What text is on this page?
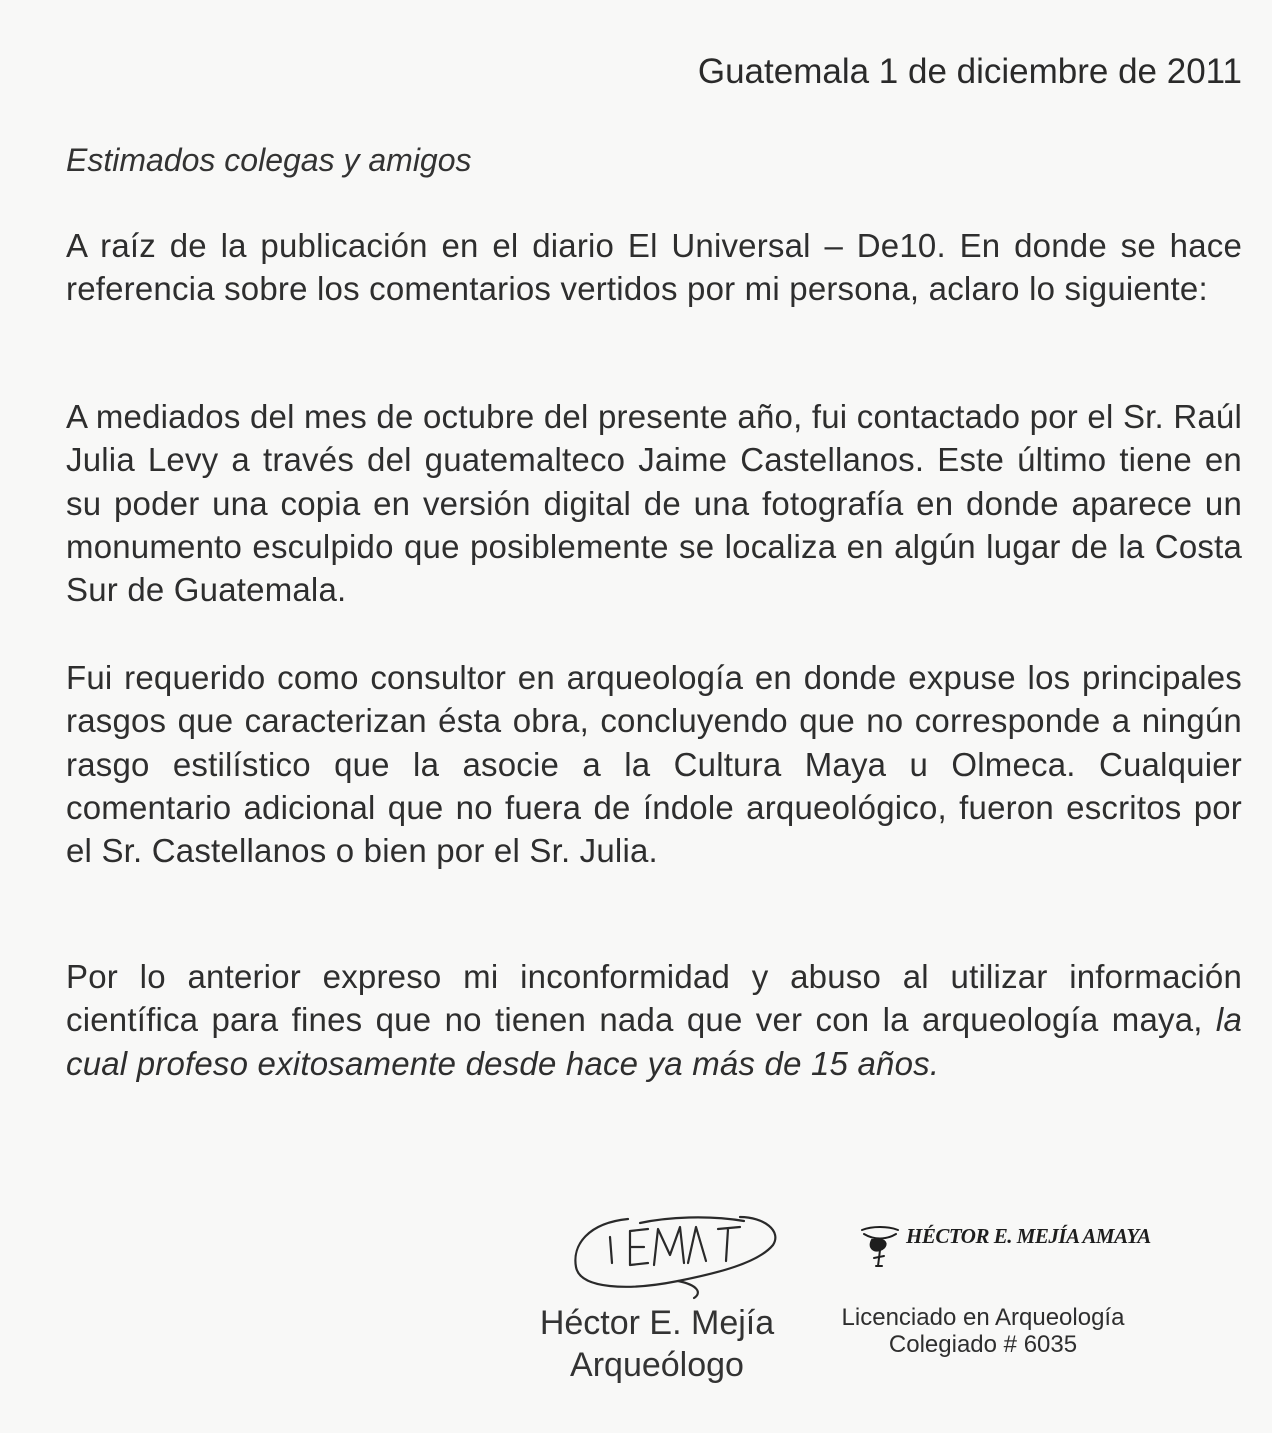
Guatemala 1 de diciembre de 2011
Estimados colegas y amigos
A raíz de la publicación en el diario El Universal – De10. En donde se hace referencia sobre los comentarios vertidos por mi persona, aclaro lo siguiente:
A mediados del mes de octubre del presente año, fui contactado por el Sr. Raúl Julia Levy a través del guatemalteco Jaime Castellanos. Este último tiene en su poder una copia en versión digital de una fotografía en donde aparece un monumento esculpido que posiblemente se localiza en algún lugar de la Costa Sur de Guatemala.
Fui requerido como consultor en arqueología en donde expuse los principales rasgos que caracterizan ésta obra, concluyendo que no corresponde a ningún rasgo estilístico que la asocie a la Cultura Maya u Olmeca. Cualquier comentario adicional que no fuera de índole arqueológico, fueron escritos por el Sr. Castellanos o bien por el Sr. Julia.
Por lo anterior expreso mi inconformidad y abuso al utilizar información científica para fines que no tienen nada que ver con la arqueología maya, la cual profeso exitosamente desde hace ya más de 15 años.
Héctor E. Mejía
Arqueólogo
HÉCTOR E. MEJÍA AMAYA
Licenciado en Arqueología
Colegiado # 6035
